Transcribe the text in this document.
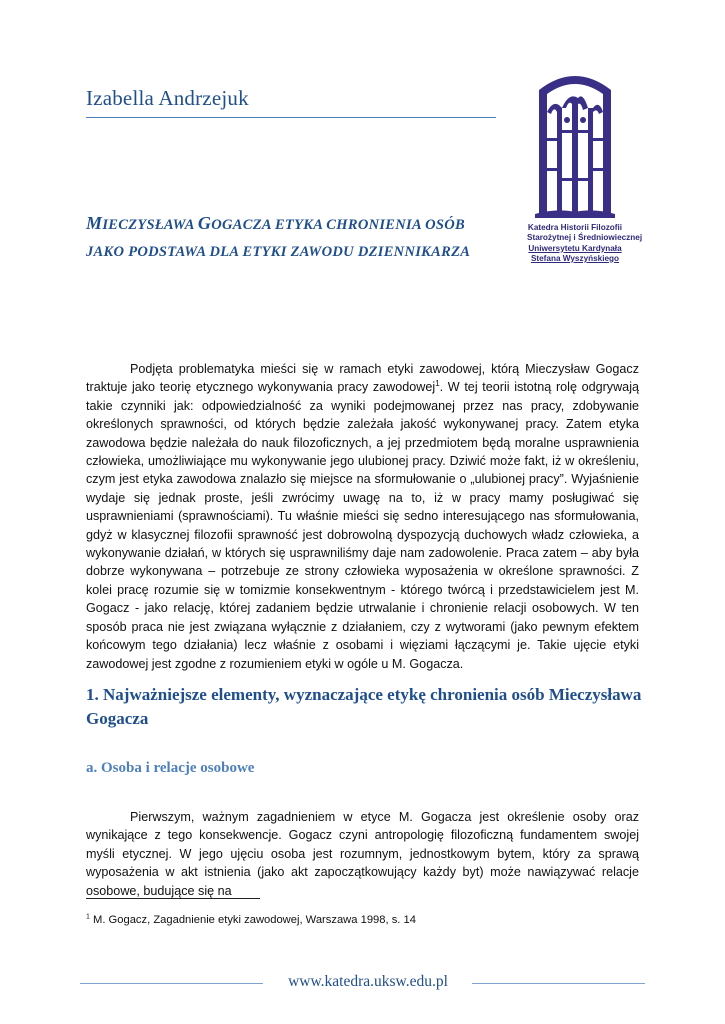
Izabella Andrzejuk
Katedra Historii Filozofii
Starożytnej i Średniowiecznej
Uniwersytetu Kardynała
Stefana Wyszyńskiego
MIECZYSŁAWA GOGACZA ETYKA CHRONIENIA OSÓB
JAKO PODSTAWA DLA ETYKI ZAWODU DZIENNIKARZA
Podjęta problematyka mieści się w ramach etyki zawodowej, którą Mieczysław Gogacz traktuje jako teorię etycznego wykonywania pracy zawodowej$^1$. W tej teorii istotną rolę odgrywają takie czynniki jak: odpowiedzialność za wyniki podejmowanej przez nas pracy, zdobywanie określonych sprawności, od których będzie zależała jakość wykonywanej pracy. Zatem etyka zawodowa będzie należała do nauk filozoficznych, a jej przedmiotem będą moralne usprawnienia człowieka, umożliwiające mu wykonywanie jego ulubionej pracy. Dziwić może fakt, iż w określeniu, czym jest etyka zawodowa znalazło się miejsce na sformułowanie o „ulubionej pracy”. Wyjaśnienie wydaje się jednak proste, jeśli zwrócimy uwagę na to, iż w pracy mamy posługiwać się usprawnieniami (sprawnościami). Tu właśnie mieści się sedno interesującego nas sformułowania, gdyż w klasycznej filozofii sprawność jest dobrowolną dyspozycją duchowych władz człowieka, a wykonywanie działań, w których się usprawniliśmy daje nam zadowolenie. Praca zatem – aby była dobrze wykonywana – potrzebuje ze strony człowieka wyposażenia w określone sprawności. Z kolei pracę rozumie się w tomizmie konsekwentnym - którego twórcą i przedstawicielem jest M. Gogacz - jako relację, której zadaniem będzie utrwalanie i chronienie relacji osobowych. W ten sposób praca nie jest związana wyłącznie z działaniem, czy z wytworami (jako pewnym efektem końcowym tego działania) lecz właśnie z osobami i więziami łączącymi je. Takie ujęcie etyki zawodowej jest zgodne z rozumieniem etyki w ogóle u M. Gogacza.
1. Najważniejsze elementy, wyznaczające etykę chronienia osób Mieczysława Gogacza
a. Osoba i relacje osobowe
Pierwszym, ważnym zagadnieniem w etyce M. Gogacza jest określenie osoby oraz wynikające z tego konsekwencje. Gogacz czyni antropologię filozoficzną fundamentem swojej myśli etycznej. W jego ujęciu osoba jest rozumnym, jednostkowym bytem, który za sprawą wyposażenia w akt istnienia (jako akt zapoczątkowujący każdy byt) może nawiązywać relacje osobowe, budujące się na
$^1$ M. Gogacz, Zagadnienie etyki zawodowej, Warszawa 1998, s. 14
www.katedra.uksw.edu.pl
